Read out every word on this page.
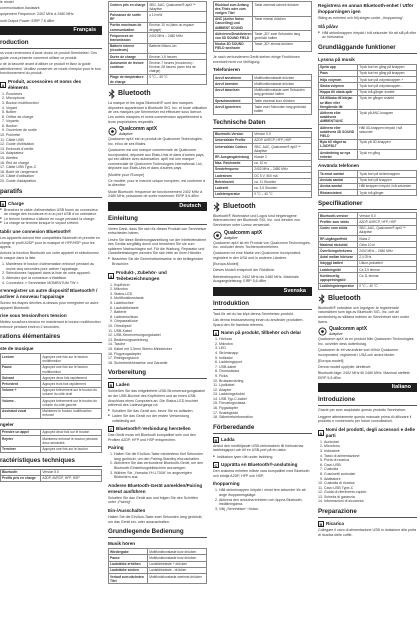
le model

communication Assistant

quipement Fréquence: 2402 MHz à 2480 MHz

nuiti Output Power: EIRP 7.6 dBm

Français
roduction

us vous remercions d'avoir choisi ce produit Sennheiser. Ces guide vous présente comment utiliser ce produit.

z de la sécurité avant d'utiliser ce produit et lisez la guide attentivement. Veuillez conserver ce mode d'emploi pour le bon fonctionnement du produit.

A
Produit, accessoires et noms des éléments
1. Écouteurs
2. Microphone
3. Bouton multifonction
4. Voyant
5. Boîtier
6. Orifice de charge
7. Voyants
8. Bouton
9. Ouverture de sortie
10. Pochette
11. Câble USB
12. Guide d'utilisation
13. Embouts d'oreille
14. Adaptateur
15. Ailettes
16. Étui de charge
17. Câble USB Type-C
18. Boîte de rangement
19. Câble d'utilisation
20. Guide d'adaptation
paratifs
B Charge
■ Branchez le câble d'alimentation USB fourni au connecteur de charge des écouteurs et à un port USB d'un ordinateur.
■ Le témoin lumineux s'allume en rouge pendant la charge.
■ La charge se termine lorsque le voyant s'éteint.
tablir une connexion Bluetooth®

Les appareils doivent être compatibles Bluetooth et prendre en charge le profil A2DP pour la musique et HFP/HSP pour les appels.

Activez la fonction Bluetooth sur votre appareil et sélectionnez le casque dans la liste.

1. Maintenez le bouton d'alimentation enfoncé pendant au moins cinq secondes pour activer l'appairage.
2. Sélectionnez l'appareil dans la liste de votre appareil.
3. Attendez que la connexion s'établisse.
4. Connectez: « Sennheiser MOMENTUM TW ».
s'enregistrer un autre dispositif Bluetooth® / activer à nouveau l'appairage

Suivez les étapes décrites ci-dessus pour enregistrer un autre appareil Bluetooth.

rise sous tension/hors tension

Mettez sous/hors tension en maintenant le bouton multifonction enfoncé pendant environ 2 secondes.

rations élémentaires
ste de musique
Lecture	Appuyez une fois sur le bouton multifonction
Pause	Appuyez une fois sur le bouton multifonction
Suivant	Appuyez deux fois rapidement
Précédent	Appuyez trois fois rapidement
Volume +	Appuyez brièvement sur le bouton du volume du côté droit
Volume -	Appuyez brièvement sur le bouton du volume du côté gauche
Assistant vocal	Maintenez le bouton multifonction enfoncé
ngeler
Prendre un appel	Appuyez deux fois sur le bouton
Rejeter	Maintenez enfoncé le bouton pendant deux secondes
Terminer	Appuyez une fois sur le bouton
ractéristiques techniques
Bluetooth	Version 5.0
Profils pris en charge	A2DP, AVRCP, HFP, HSP
Codecs pris en charge	SBC, AAC, Qualcomm® aptX™ Adaptive
Puissance de sortie RF	≤ 10 mW
Portée maximum de communication	Environ 10 m (dans un espace dégagé)
Fréquences de transmission	2402 MHz – 2480 MHz
Batterie interne (écouteurs)	Batterie lithium-ion
Durée de charge	Environ 1,5 heures
Autonomie de lecture continue	Environ 7 heures (écouteurs) / Environ 28 heures (avec étui de charge)
Plage de température de charge	0 °C – 40 °C
Bluetooth

La marque et les logos Bluetooth® sont des marques déposées appartenant à Bluetooth SIG, Inc. et toute utilisation de ces marques par Sennheiser est effectuée sous licence. Les autres marques et noms commerciaux appartiennent à leurs propriétaires respectifs.

Qualcomm aptX
Adaptive

Qualcomm aptX est un produit de Qualcomm Technologies, Inc. et/ou de ses filiales.

Qualcomm est une marque commerciale de Qualcomm Incorporated, déposée aux États-Unis et dans d'autres pays, qui est utilisée avec autorisation. aptX est une marque commerciale de Qualcomm Technologies International, Ltd., déposée aux États-Unis et dans d'autres pays.

[Modèle pour l'Europe]

Ce modèle, pour le marché unique européen, est conforme à la directive:

Mode Bluetooth: fréquence de fonctionnement 2402 MHz à 2480 MHz, puissance de sortie maximum: EIRP 5,6 dBm

Deutsch
Einleitung

Vielen Dank, dass Sie sich für dieses Produkt von Sennheiser entschieden haben.

Lesen Sie diese Bedienungsanleitung vor der Inbetriebnahme des Geräts sorgfältig durch und bewahren Sie sie zum späteren Nachschlagen auf. Für die Wartung, Reparatur und Garantieleistungen wenden Sie sich bitte an Ihren Händler.

■ Beachten Sie die Sicherheitshinweise in der beiliegenden Broschüre.
A
Produkt-, Zubehör- und Teilebezeichnungen
1. Kopfhörer
2. Mikrofon
3. Status-LED
4. Multifunktionstaste
5. Ladebuchse
6. Lautstärketaste
7. Batterie
8. Ladeanschluss
9. Ohrpassstücke
10. Ohrstöpsel
11. USB-Kabel
12. USB-Stromversorgungskabel
13. Bedienungsanleitung
14. Tasche
15. Kabel mit 3,5mm Stereo-Ministecker
16. Flugzeugadapter
17. Reinigungstuch
18. Sicherheitshinweise und Garantie
Vorbereitung
B Laden

Schließen Sie das mitgelieferte USB-Stromversorgungskabel an der USB-Buchse des Kopfhörers und an einen USB-Anschluss eines Computers an. Die Status-LED leuchtet während des Ladevorgangs rot.

■ Schalten Sie das Gerät aus, bevor Sie es aufladen.
■ Laden Sie das Gerät vor der ersten Verwendung vollständig auf.
C Bluetooth®-Verbindung herstellen

Das Gerät muss mit Bluetooth kompatibel sein und den Profilen A2DP, HFP und HSP entsprechen.

Pairing
1. Halten Sie die Ein/Aus-Taste mindestens fünf Sekunden lang gedrückt, um den Pairing-Standby einzuschalten.
2. Aktivieren Sie das verbundene Bluetooth-Gerät, um den Bluetooth-Einstellungsbildschirm anzuzeigen.
3. Wählen Sie „Yamaha YH-L700A“ im angezeigten Bildschirm aus.
Anderes Bluetooth-Gerät anmelden/Pairing erneut ausführen

Schalten Sie das Gerät aus und folgen Sie den Schritten unter „Pairing“.

Ein-/Ausschalten

Halten Sie die Ein/Aus-Taste zwei Sekunden lang gedrückt, um das Gerät ein- oder auszuschalten.

Grundlegende Bedienung
Musik hören
Wiedergabe	Multifunktionstaste kurz drücken
Pause	Multifunktionstaste kurz drücken
Lautstärke erhöhen	Lautstärketaste + drücken
Lautstärke senken	Lautstärketaste - drücken
Verlauf zum nächsten Titel	Multifunktionstaste zweimal drücken
Rücklauf zum Anfang des Titels oder zum vorigen Titel	Taste zweimal schnell drücken
ANC (Active Noise Cancelling) und AMBIENT SOUND	Taste einmal drücken
Aktivieren/Deaktivieren von 3D SOUND FIELD	Taste „3D“ zwei Sekunden lang gedrückt halten
Modus 3D SOUND FIELD wechseln	Taste „3D“ einmal drücken

Je nach verbundenem Gerät stehen einige Funktionen eventuell nicht zur Verfügung.

Telefonieren
Anruf annehmen	Multifunktionstaste drücken
Anruf beenden	Multifunktionstaste drücken
Anruf abweisen	Multifunktionstaste zwei Sekunden lang gedrückt halten
Sprachassistent	Taste zweimal kurz drücken
Anruf ignorieren	Taste zwei Sekunden lang gedrückt halten
Technische Daten
Bluetooth-Version	Version 5.0
Unterstützte Profile	A2DP, AVRCP, HFP, HSP
Unterstützte Codecs	SBC, AAC, Qualcomm® aptX™ Adaptive
RF-Ausgangsleistung	Klasse 2
Max. Reichweite	ca. 10 m
Sendefrequenz	2402 MHz – 2480 MHz
Ladestrom	DC 5 V, 500 mA
Betriebszeit	ca. 11 Stunden
Ladezeit	ca. 3,5 Stunden
Ladetemperatur	0 °C – 40 °C
Bluetooth

Bluetooth® Wortmarke und Logos sind eingetragene Warenzeichen der Bluetooth SIG, Inc. und werden von Sennheiser unter Lizenz verwendet.

Qualcomm aptX
Adaptive

Qualcomm aptX ist ein Produkt von Qualcomm Technologies, Inc. und/oder deren Tochterunternehmen.

Qualcomm ist eine Marke von Qualcomm Incorporated, registriert in den USA und in anderen Ländern.

[Europa-Modell]

Dieses Modell entspricht der Richtlinie:

Betriebsfrequenz: 2402 MHz bis 2480 MHz, Maximale Ausgangsleistung: EIRP 5,6 dBm

Svenska
Introduktion

Tack för att du har köpt denna Sennheiser-produkt.

Läs denna bruksanvisning innan du använder produkten. Spara den för framtida referens.

A Namn på produkt, tillbehör och delar
1. Hörlurar
2. Mikrofon
3. LED
4. Strömknapp
5. Indikator
6. Laddningsport
7. USB-kabel
8. Öronsnäckor
9. Ficka
10. Bruksanvisning
11. Ljudkabel
12. Adapter
13. Laddningsfodral
14. USB Typ-C-kabel
15. Förvaringsväska
16. Flygadapter
17. Snabbguide
18. Säkerhetsinformation
Förberedande
B Ladda

Anslut den medföljande USB-strömkabeln till hörlurarnas laddningsport och till en USB-port på en dator.

■ Indikatorn lyser rött under laddning.
C Upprätta en Bluetooth®-anslutning

Den anslutna enheten måste vara kompatibel med Bluetooth och stödja A2DP, HFP och HSP.

Ihopparning
1. Håll strömknappen intryckt i minst fem sekunder för att ange ihopparningsläge.
2. Aktivera den anslutna enheten och öppna Bluetooth-inställningarna.
3. Välj „Sennheiser“ i listan.
Registrera en annan Bluetooth-enhet / Utför ihopparningen igen

Stäng av enheten och följ stegen under „Ihopparning“.

Slå på/av
■ Håll strömknappen intryckt i två sekunder för att slå på eller av hörlurarna.
Grundläggande funktioner
Lyssna på musik
Spela upp	Tryck kort en gång på knappen
Paus	Tryck kort en gång på knappen
Höja volymen	Tryck kort på volymknappen +
Sänka volymen	Tryck kort på volymknappen -
Hoppa till nästa spår	Tryck två gånger snabbt
Gå tillbaka till början av låten eller föregående låt	Tryck tre gånger snabbt
Aktivera eller avaktivera AMBIENT/ANC	Tryck på ANC-knappen
Aktivera eller avaktivera 3D SOUND FIELD	Håll 3D-knappen intryckt i två sekunder
Byta till något av LJUDFÄLT	Tryck på 3D-knappen
Användning av nya enheter	Tryck en gång
Använda telefonen
Ta emot samtal	Tryck kort på strömknappen
Avsluta samtal	Tryck kort på knappen
Avvisa samtal	Håll knappen intryckt i två sekunder
Röstassistent	Tryck två gånger
Specifikationer
Bluetooth-version	Version 5.0
Profiler som stöds	A2DP, AVRCP, HFP, HSP
Codec som stöds	SBC, AAC, Qualcomm® aptX™ Adaptive
RF-utgångseffekt	Klass 2
Maximal räckvidd	Cirka 10 m
Överföringsfrekvens	2402 MHz – 2480 MHz
Avtal mellan hörlurar	2,4 GHz
Inbyggt batteri	Litium-jonbatteri
Laddningstid	Ca 3,5 timmar
Kontinuerlig uppspelningstid	Ca 11 timmar
Laddningstemperatur	0 °C – 40 °C
Bluetooth

Bluetooth® ordmärke och logotyper är registrerade varumärken som ägs av Bluetooth SIG, Inc. och all användning av sådana märken av Sennheiser sker under licens.

Qualcomm aptX
Adaptive

Qualcomm aptX är en produkt från Qualcomm Technologies, Inc. och/eller dess dotterbolag.

Qualcomm är ett varumärke som tillhör Qualcomm Incorporated, registrerat i USA och andra länder.

[Europa-modell]

Denna modell uppfyller direktivet:

Bluetooth-läge: 2402 MHz till 2480 MHz, Maximal uteffekt: EIRP 5,6 dBm

Italiano
Introduzione

Grazie per aver acquistato questo prodotto Sennheiser.

Leggere attentamente questo manuale prima di utilizzare il prodotto e conservarlo per future consultazioni.

A
Nomi del prodotti, degli accessori e delle parti
1. Auricolari
2. Microfono
3. Indicatore
4. Tasto di alimentazione
5. Porta di ricarica
6. Cavo USB
7. Custodia
8. Cuscinetti auricolari
9. Adattatore
10. Custodia di ricarica
11. Cavo USB Type-C
12. Guida di riferimento rapido
13. Scheda di garanzia
14. Informazioni di sicurezza
Preparazione
B Ricarica

Collegare il cavo di alimentazione USB in dotazione alla porta di ricarica delle cuffie.
